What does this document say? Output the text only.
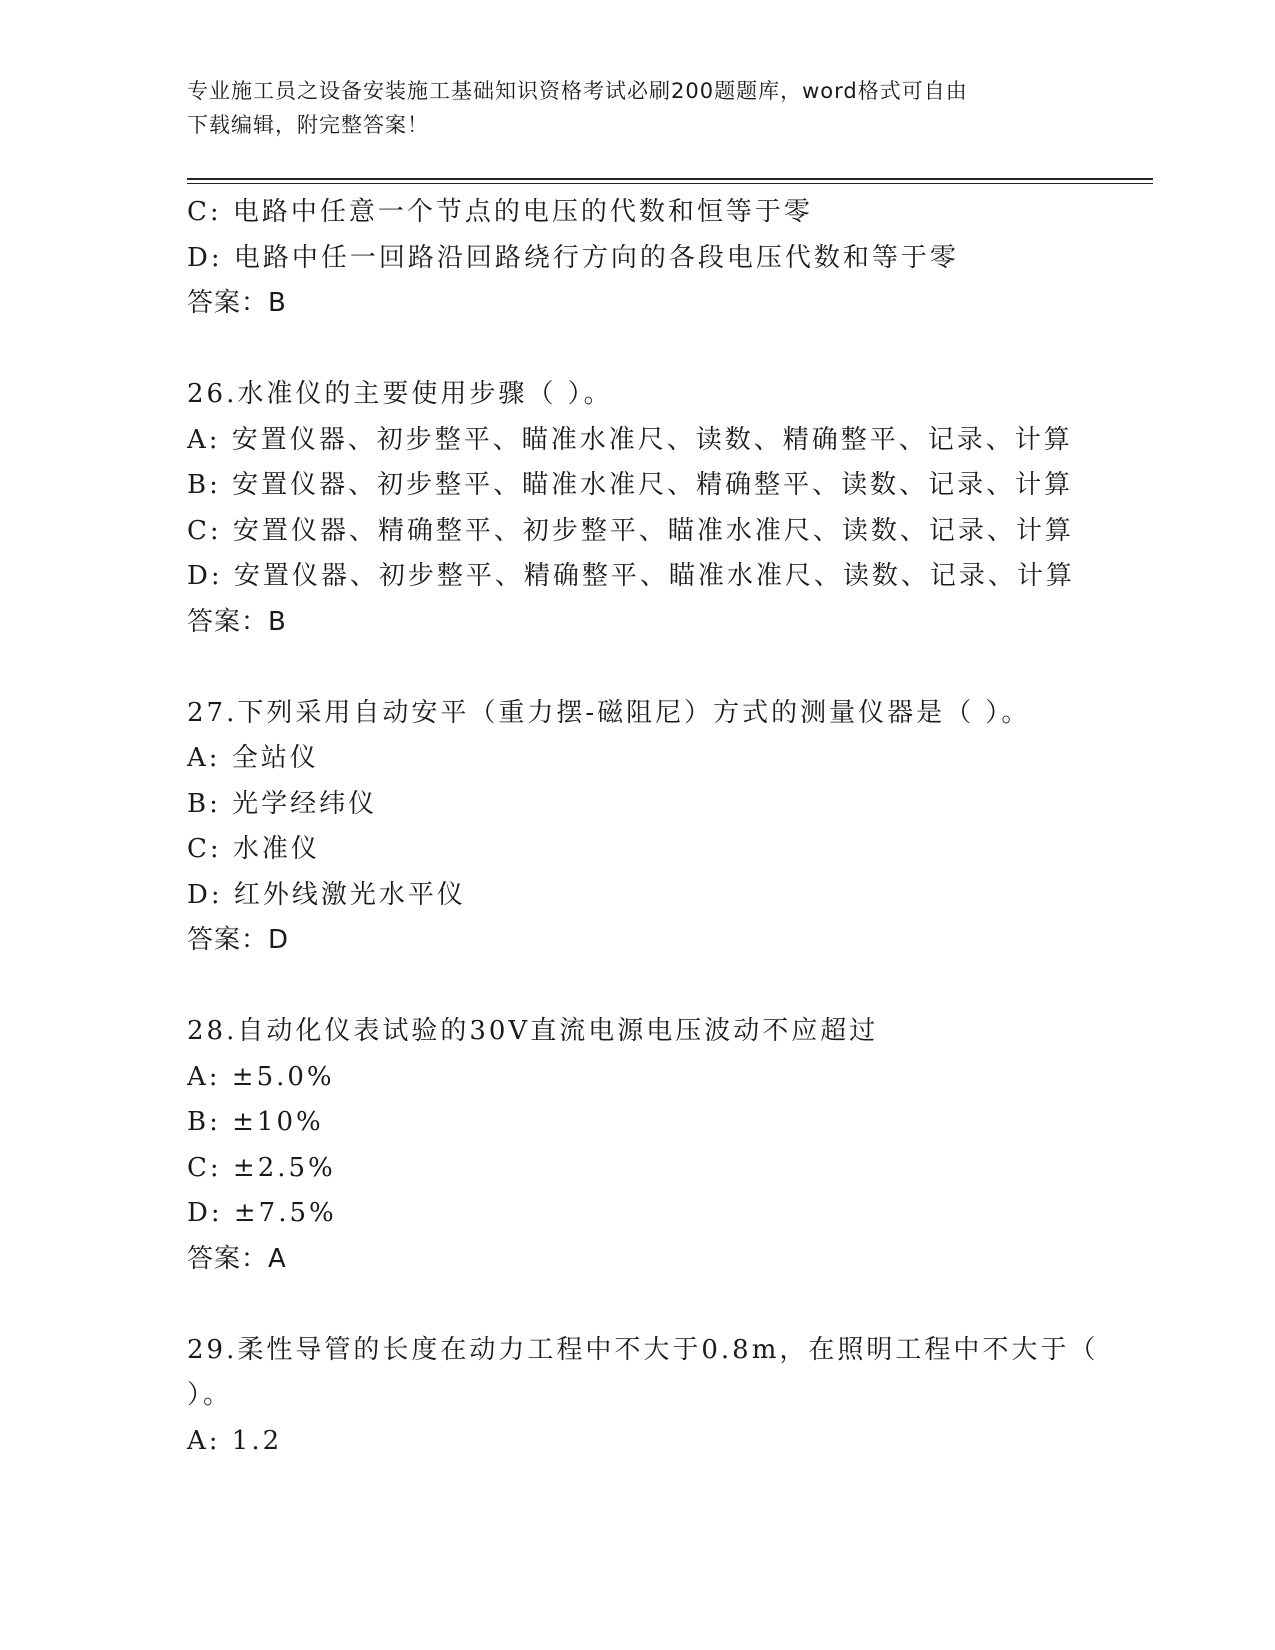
专业施工员之设备安装施工基础知识资格考试必刷200题题库，word格式可自由
下载编辑，附完整答案！
C: 电路中任意一个节点的电压的代数和恒等于零
D: 电路中任一回路沿回路绕行方向的各段电压代数和等于零
答案：B
26.水准仪的主要使用步骤（ ）。
A: 安置仪器、初步整平、瞄准水准尺、读数、精确整平、记录、计算
B: 安置仪器、初步整平、瞄准水准尺、精确整平、读数、记录、计算
C: 安置仪器、精确整平、初步整平、瞄准水准尺、读数、记录、计算
D: 安置仪器、初步整平、精确整平、瞄准水准尺、读数、记录、计算
答案：B
27.下列采用自动安平（重力摆-磁阻尼）方式的测量仪器是（ ）。
A: 全站仪
B: 光学经纬仪
C: 水准仪
D: 红外线激光水平仪
答案：D
28.自动化仪表试验的30V直流电源电压波动不应超过
A: ±5.0%
B: ±10%
C: ±2.5%
D: ±7.5%
答案：A
29.柔性导管的长度在动力工程中不大于0.8m，在照明工程中不大于（
）。
A: 1.2
